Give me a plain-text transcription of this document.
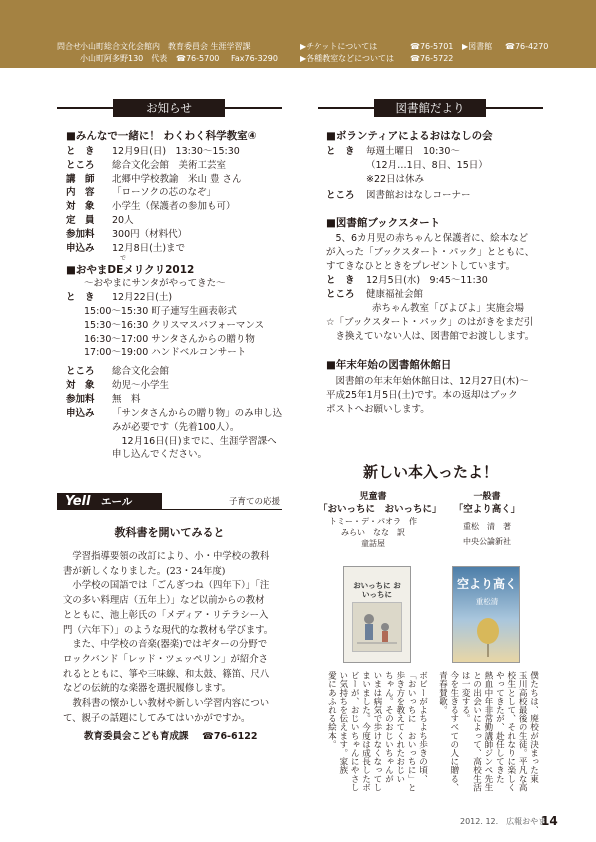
問合せ 小山町総合文化会館内　教育委員会 生涯学習課
小山町阿多野130　代表 ☎76-5700 Fax76-3290
▶チケットについては	☎76-5701 ▶図書館 ☎76-4270
▶各種教室などについては ☎76-5722
お知らせ
■みんなで一緒に！ わくわく科学教室④
と　き 12月9日(日)　13:30〜15:30
ところ 総合文化会館　美術工芸室
講　師 北郷中学校教諭　米山 豊 さん
内　容 「ローソクの芯のなぞ」
対　象 小学生（保護者の参加も可）
定　員 20人
参加料 300円（材料代）
申込み 12月8日(土)まで
■おやまDEメリクリ2012
で
〜おやまにサンタがやってきた〜
と　き 12月22日(土)
15:00〜15:30 町子連写生画表彰式
15:30〜16:30 クリスマスパフォーマンス
16:30〜17:00 サンタさんからの贈り物
17:00〜19:00 ハンドベルコンサート
ところ 総合文化会館
対　象 幼児〜小学生
参加料 無　料
申込み 「サンタさんからの贈り物」のみ申し込
みが必要です（先着100人）。
　12月16日(日)までに、生涯学習課へ
申し込んでください。
Yell エール	子育ての応援
教科書を開いてみると
　学習指導要領の改訂により、小・中学校の教科
書が新しくなりました。(23・24年度)
　小学校の国語では「ごんぎつね（四年下）」「注
文の多い料理店（五年上）」など以前からの教材
とともに、池上彰氏の「メディア・リテラシー入
門（六年下）」のような現代的な教材も学びます。
　また、中学校の音楽(器楽)ではギターの分野で
ロックバンド「レッド・ツェッペリン」が紹介さ
れるとともに、箏や三味線、和太鼓、篠笛、尺八
などの伝統的な楽器を選択履修します。
　教科書の懐かしい教材や新しい学習内容につい
て、親子の話題にしてみてはいかがですか。
教育委員会こども育成課 ☎76-6122
図書館だより
■ボランティアによるおはなしの会
と　き 毎週土曜日　10:30〜
（12月…1日、8日、15日）
※22日は休み
ところ 図書館おはなしコーナー
■図書館ブックスタート
　5、6カ月児の赤ちゃんと保護者に、絵本など
が入った「ブックスタート・パック」とともに、
すてきなひとときをプレゼントしています。
と　き 12月5日(水)　9:45〜11:30
ところ 健康福祉会館
赤ちゃん教室「ぴよぴよ」実施会場
☆「ブックスタート・パック」のはがきをまだ引
　き換えていない人は、図書館でお渡しします。
■年末年始の図書館休館日
　図書館の年末年始休館日は、12月27日(木)〜
平成25年1月5日(土)です。本の返却はブック
ポストへお願いします。
新しい本入ったよ！
児童書
「おいっちに　おいっちに」
トミー・デ・パオラ　作
みらい　なな　訳
童話屋
おいっちに おいっちに
ボビーがよちよち歩きの頃、
「おいっちに　おいっちに」と
歩き方を教えてくれたおじい
ちゃん。そのおじいちゃんが
いまは病気で歩けなくなってし
まいました。今度は成長したボ
ビーが、おじいちゃんにやさし
い気持ちを伝えます。家族
愛にあふれる絵本。
一般書
「空より高く」
重松　清　著
中央公論新社
空より高く
重松清
僕たちは、廃校が決まった東
玉川高校最後の生徒。平凡な高
校生として、それなりに楽しく
やってきたが、赴任してきた
熱血中年非常勤講師ジンぺ先生
との出会いによって、高校生活
は一変する。
今を生きるすべての人に贈る、
青春賛歌。
2012. 12.　広報おやま
14
